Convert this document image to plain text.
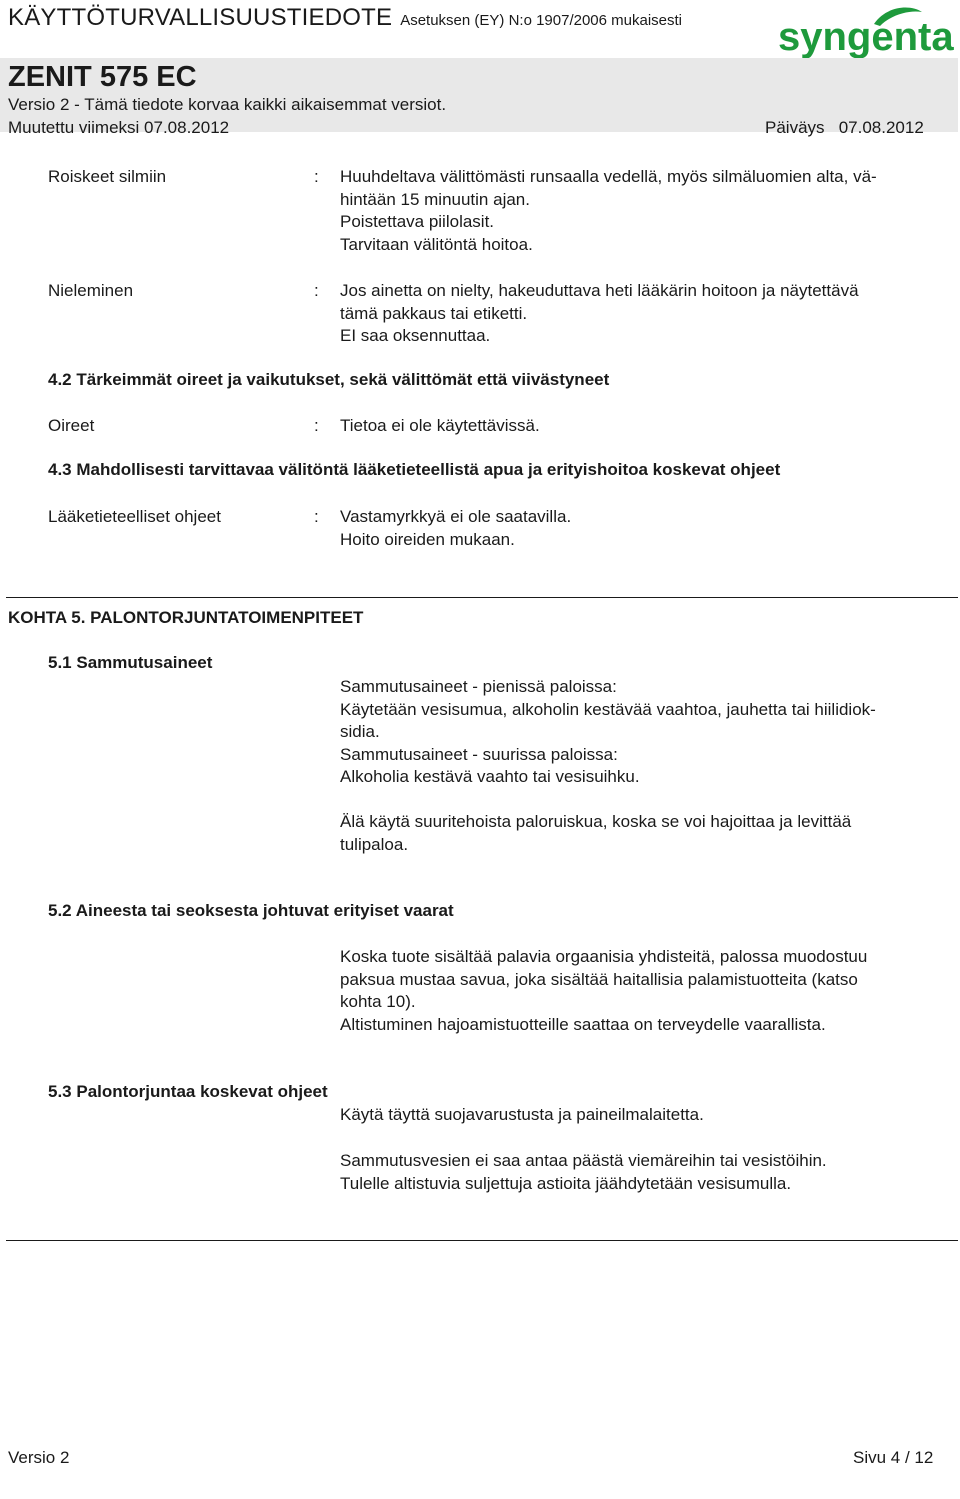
KÄYTTÖTURVALLISUUSTIEDOTE Asetuksen (EY) N:o 1907/2006 mukaisesti syngenta
ZENIT 575 EC
Versio 2 - Tämä tiedote korvaa kaikki aikaisemmat versiot.
Muutettu viimeksi 07.08.2012	Päiväys 07.08.2012
Roiskeet silmiin	: Huuhdeltava välittömästi runsaalla vedellä, myös silmäluomien alta, vä-
hintään 15 minuutin ajan.
Poistettava piilolasit.
Tarvitaan välitöntä hoitoa.
Nieleminen	: Jos ainetta on nielty, hakeuduttava heti lääkärin hoitoon ja näytettävä
tämä pakkaus tai etiketti.
EI saa oksennuttaa.
4.2 Tärkeimmät oireet ja vaikutukset, sekä välittömät että viivästyneet
Oireet	: Tietoa ei ole käytettävissä.
4.3 Mahdollisesti tarvittavaa välitöntä lääketieteellistä apua ja erityishoitoa koskevat ohjeet
Lääketieteelliset ohjeet	: Vastamyrkkyä ei ole saatavilla.
Hoito oireiden mukaan.
KOHTA 5. PALONTORJUNTATOIMENPITEET
5.1 Sammutusaineet
Sammutusaineet - pienissä paloissa:
Käytetään vesisumua, alkoholin kestävää vaahtoa, jauhetta tai hiilidiok-
sidia.
Sammutusaineet - suurissa paloissa:
Alkoholia kestävä vaahto tai vesisuihku.
Älä käytä suuritehoista paloruiskua, koska se voi hajoittaa ja levittää
tulipaloa.
5.2 Aineesta tai seoksesta johtuvat erityiset vaarat
Koska tuote sisältää palavia orgaanisia yhdisteitä, palossa muodostuu
paksua mustaa savua, joka sisältää haitallisia palamistuotteita (katso
kohta 10).
Altistuminen hajoamistuotteille saattaa on terveydelle vaarallista.
5.3 Palontorjuntaa koskevat ohjeet
Käytä täyttä suojavarustusta ja paineilmalaitetta.
Sammutusvesien ei saa antaa päästä viemäreihin tai vesistöihin.
Tulelle altistuvia suljettuja astioita jäähdytetään vesisumulla.
Versio 2	Sivu 4 / 12
